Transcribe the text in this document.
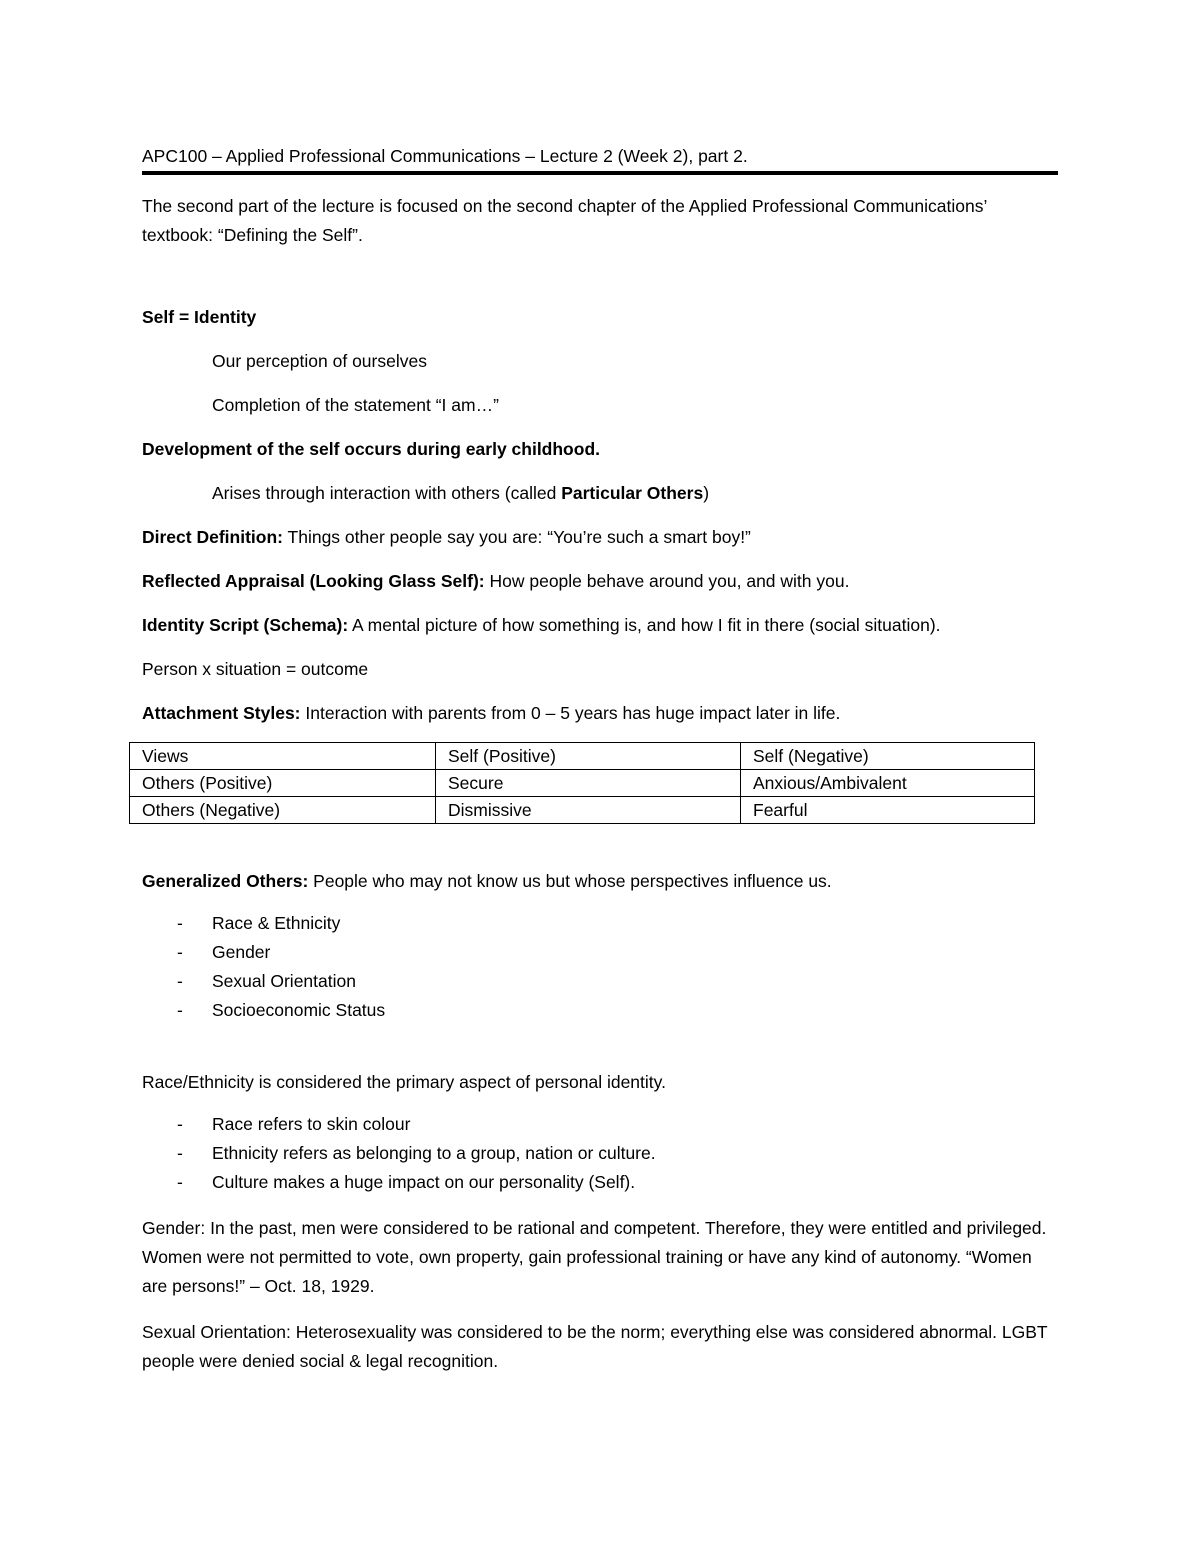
APC100 – Applied Professional Communications – Lecture 2 (Week 2), part 2.

The second part of the lecture is focused on the second chapter of the Applied Professional Communications’ textbook: “Defining the Self”.

Self = Identity

Our perception of ourselves

Completion of the statement “I am…”

Development of the self occurs during early childhood.

Arises through interaction with others (called Particular Others)

Direct Definition: Things other people say you are: “You’re such a smart boy!”

Reflected Appraisal (Looking Glass Self): How people behave around you, and with you.

Identity Script (Schema): A mental picture of how something is, and how I fit in there (social situation).

Person x situation = outcome

Attachment Styles: Interaction with parents from 0 – 5 years has huge impact later in life.

Views	Self (Positive)	Self (Negative)
Others (Positive)	Secure	Anxious/Ambivalent
Others (Negative)	Dismissive	Fearful

Generalized Others: People who may not know us but whose perspectives influence us.

- Race & Ethnicity
- Gender
- Sexual Orientation
- Socioeconomic Status

Race/Ethnicity is considered the primary aspect of personal identity.

- Race refers to skin colour
- Ethnicity refers as belonging to a group, nation or culture.
- Culture makes a huge impact on our personality (Self).

Gender: In the past, men were considered to be rational and competent. Therefore, they were entitled and privileged. Women were not permitted to vote, own property, gain professional training or have any kind of autonomy. “Women are persons!” – Oct. 18, 1929.

Sexual Orientation: Heterosexuality was considered to be the norm; everything else was considered abnormal. LGBT people were denied social & legal recognition.
